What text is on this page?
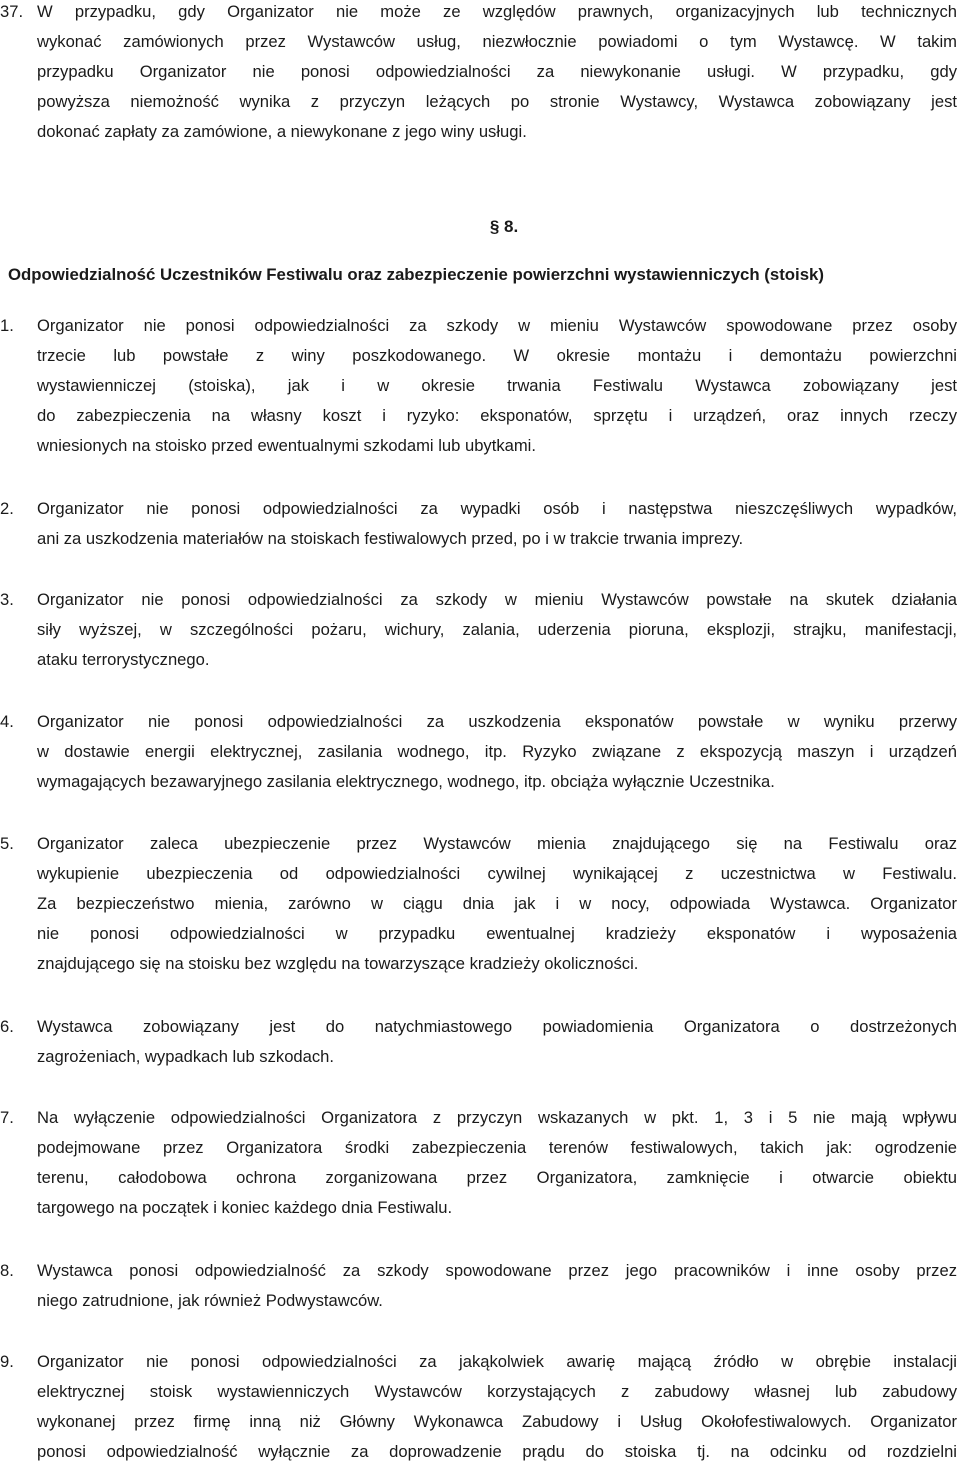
37. W przypadku, gdy Organizator nie może ze względów prawnych, organizacyjnych lub technicznych
wykonać zamówionych przez Wystawców usług, niezwłocznie powiadomi o tym Wystawcę. W takim
przypadku Organizator nie ponosi odpowiedzialności za niewykonanie usługi. W przypadku, gdy
powyższa niemożność wynika z przyczyn leżących po stronie Wystawcy, Wystawca zobowiązany jest
dokonać zapłaty za zamówione, a niewykonane z jego winy usługi.
§ 8.
Odpowiedzialność Uczestników Festiwalu oraz zabezpieczenie powierzchni wystawienniczych (stoisk)
1.	Organizator nie ponosi odpowiedzialności za szkody w mieniu Wystawców spowodowane przez osoby
trzecie lub powstałe z winy poszkodowanego. W okresie montażu i demontażu powierzchni
wystawienniczej (stoiska), jak i w okresie trwania Festiwalu Wystawca zobowiązany jest
do zabezpieczenia na własny koszt i ryzyko: eksponatów, sprzętu i urządzeń, oraz innych rzeczy
wniesionych na stoisko przed ewentualnymi szkodami lub ubytkami.
2.	Organizator nie ponosi odpowiedzialności za wypadki osób i następstwa nieszczęśliwych wypadków,
ani za uszkodzenia materiałów na stoiskach festiwalowych przed, po i w trakcie trwania imprezy.
3.	Organizator nie ponosi odpowiedzialności za szkody w mieniu Wystawców powstałe na skutek działania
siły wyższej, w szczególności pożaru, wichury, zalania, uderzenia pioruna, eksplozji, strajku, manifestacji,
ataku terrorystycznego.
4.	Organizator nie ponosi odpowiedzialności za uszkodzenia eksponatów powstałe w wyniku przerwy
w dostawie energii elektrycznej, zasilania wodnego, itp. Ryzyko związane z ekspozycją maszyn i urządzeń
wymagających bezawaryjnego zasilania elektrycznego, wodnego, itp. obciąża wyłącznie Uczestnika.
5.	Organizator zaleca ubezpieczenie przez Wystawców mienia znajdującego się na Festiwalu oraz
wykupienie ubezpieczenia od odpowiedzialności cywilnej wynikającej z uczestnictwa w Festiwalu.
Za bezpieczeństwo mienia, zarówno w ciągu dnia jak i w nocy, odpowiada Wystawca. Organizator
nie ponosi odpowiedzialności w przypadku ewentualnej kradzieży eksponatów i wyposażenia
znajdującego się na stoisku bez względu na towarzyszące kradzieży okoliczności.
6.	Wystawca zobowiązany jest do natychmiastowego powiadomienia Organizatora o dostrzeżonych
zagrożeniach, wypadkach lub szkodach.
7.	Na wyłączenie odpowiedzialności Organizatora z przyczyn wskazanych w pkt. 1, 3 i 5 nie mają wpływu
podejmowane przez Organizatora środki zabezpieczenia terenów festiwalowych, takich jak: ogrodzenie
terenu, całodobowa ochrona zorganizowana przez Organizatora, zamknięcie i otwarcie obiektu
targowego na początek i koniec każdego dnia Festiwalu.
8.	Wystawca ponosi odpowiedzialność za szkody spowodowane przez jego pracowników i inne osoby przez
niego zatrudnione, jak również Podwystawców.
9.	Organizator nie ponosi odpowiedzialności za jakąkolwiek awarię mającą źródło w obrębie instalacji
elektrycznej stoisk wystawienniczych Wystawców korzystających z zabudowy własnej lub zabudowy
wykonanej przez firmę inną niż Główny Wykonawca Zabudowy i Usług Okołofestiwalowych. Organizator
ponosi odpowiedzialność wyłącznie za doprowadzenie prądu do stoiska tj. na odcinku od rozdzielni
